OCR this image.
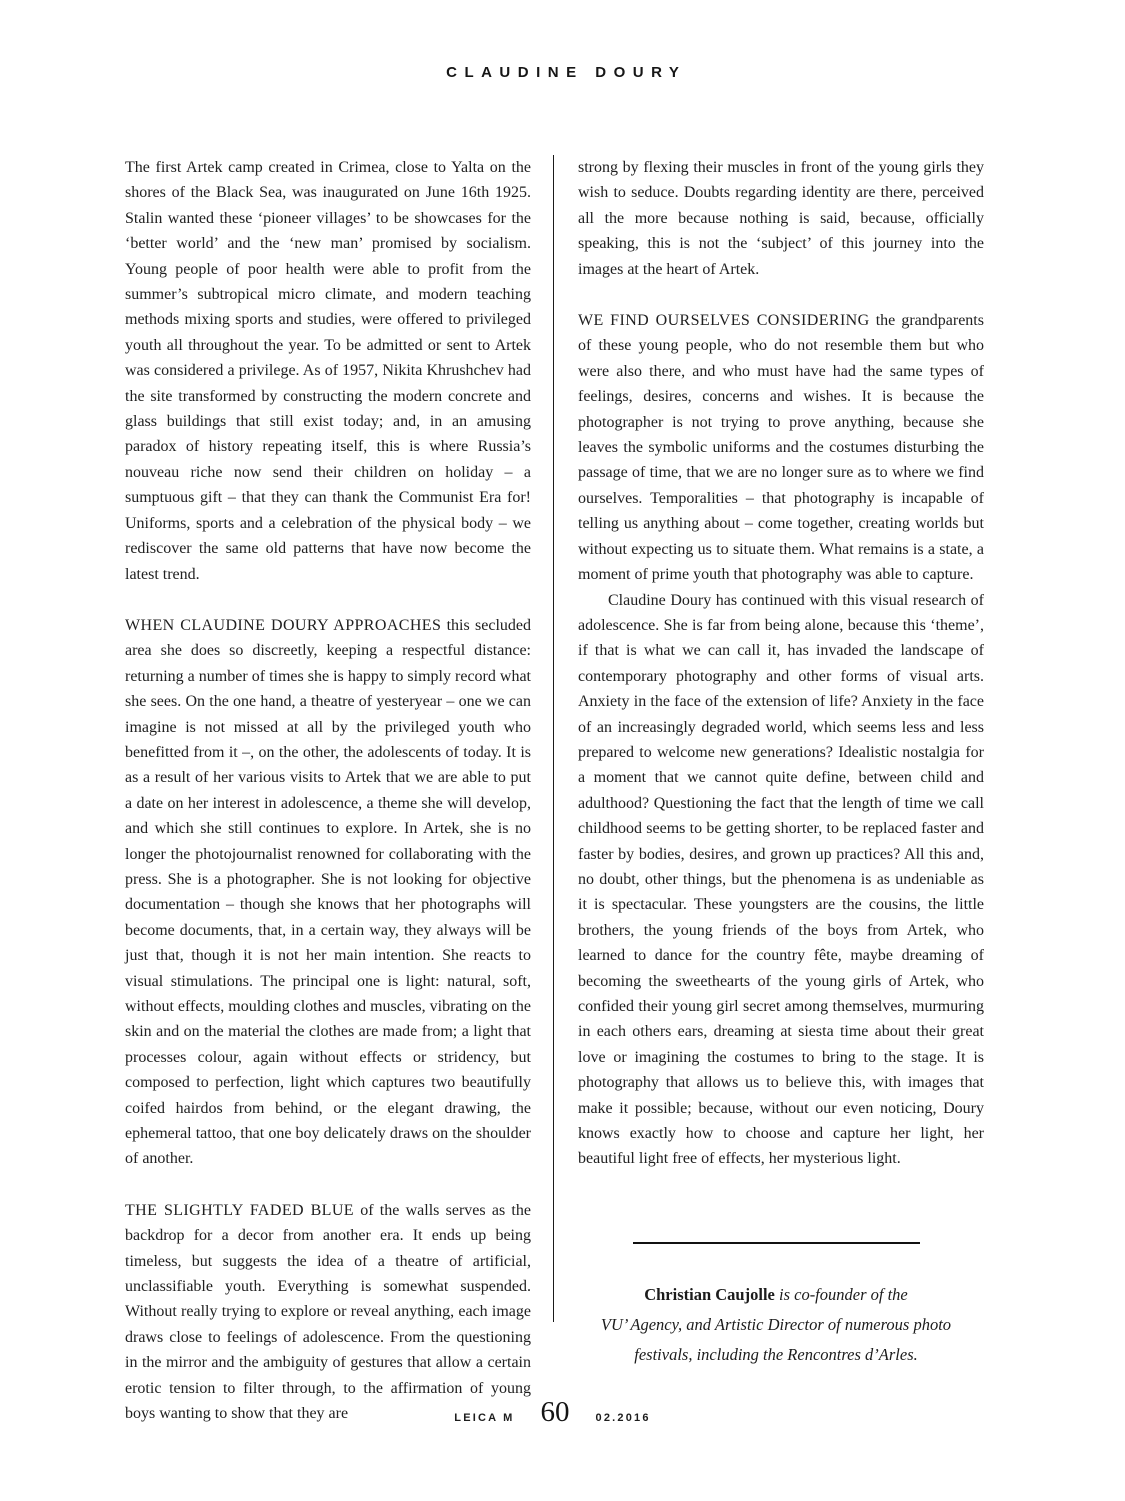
CLAUDINE DOURY

The first Artek camp created in Crimea, close to Yalta on the shores of the Black Sea, was inaugurated on June 16th 1925. Stalin wanted these ‘pioneer villages’ to be showcases for the ‘better world’ and the ‘new man’ promised by socialism. Young people of poor health were able to profit from the summer’s subtropical micro climate, and modern teaching methods mixing sports and studies, were offered to privileged youth all throughout the year. To be admitted or sent to Artek was considered a privilege. As of 1957, Nikita Khrushchev had the site transformed by constructing the modern concrete and glass buildings that still exist today; and, in an amusing paradox of history repeating itself, this is where Russia’s nouveau riche now send their children on holiday – a sumptuous gift – that they can thank the Communist Era for! Uniforms, sports and a celebration of the physical body – we rediscover the same old patterns that have now become the latest trend.

WHEN CLAUDINE DOURY APPROACHES this secluded area she does so discreetly, keeping a respectful distance: returning a number of times she is happy to simply record what she sees. On the one hand, a theatre of yesteryear – one we can imagine is not missed at all by the privileged youth who benefitted from it –, on the other, the adolescents of today. It is as a result of her various visits to Artek that we are able to put a date on her interest in adolescence, a theme she will develop, and which she still continues to explore. In Artek, she is no longer the photojournalist renowned for collaborating with the press. She is a photographer. She is not looking for objective documentation – though she knows that her photographs will become documents, that, in a certain way, they always will be just that, though it is not her main intention. She reacts to visual stimulations. The principal one is light: natural, soft, without effects, moulding clothes and muscles, vibrating on the skin and on the material the clothes are made from; a light that processes colour, again without effects or stridency, but composed to perfection, light which captures two beautifully coifed hairdos from behind, or the elegant drawing, the ephemeral tattoo, that one boy delicately draws on the shoulder of another.

THE SLIGHTLY FADED BLUE of the walls serves as the backdrop for a decor from another era. It ends up being timeless, but suggests the idea of a theatre of artificial, unclassifiable youth. Everything is somewhat suspended. Without really trying to explore or reveal anything, each image draws close to feelings of adolescence. From the questioning in the mirror and the ambiguity of gestures that allow a certain erotic tension to filter through, to the affirmation of young boys wanting to show that they are

strong by flexing their muscles in front of the young girls they wish to seduce. Doubts regarding identity are there, perceived all the more because nothing is said, because, officially speaking, this is not the ‘subject’ of this journey into the images at the heart of Artek.

WE FIND OURSELVES CONSIDERING the grandparents of these young people, who do not resemble them but who were also there, and who must have had the same types of feelings, desires, concerns and wishes. It is because the photographer is not trying to prove anything, because she leaves the symbolic uniforms and the costumes disturbing the passage of time, that we are no longer sure as to where we find ourselves. Temporalities – that photography is incapable of telling us anything about – come together, creating worlds but without expecting us to situate them. What remains is a state, a moment of prime youth that photography was able to capture.

Claudine Doury has continued with this visual research of adolescence. She is far from being alone, because this ‘theme’, if that is what we can call it, has invaded the landscape of contemporary photography and other forms of visual arts. Anxiety in the face of the extension of life? Anxiety in the face of an increasingly degraded world, which seems less and less prepared to welcome new generations? Idealistic nostalgia for a moment that we cannot quite define, between child and adulthood? Questioning the fact that the length of time we call childhood seems to be getting shorter, to be replaced faster and faster by bodies, desires, and grown up practices? All this and, no doubt, other things, but the phenomena is as undeniable as it is spectacular. These youngsters are the cousins, the little brothers, the young friends of the boys from Artek, who learned to dance for the country fête, maybe dreaming of becoming the sweethearts of the young girls of Artek, who confided their young girl secret among themselves, murmuring in each others ears, dreaming at siesta time about their great love or imagining the costumes to bring to the stage. It is photography that allows us to believe this, with images that make it possible; because, without our even noticing, Doury knows exactly how to choose and capture her light, her beautiful light free of effects, her mysterious light.

Christian Caujolle is co-founder of the
VU’ Agency, and Artistic Director of numerous photo
festivals, including the Rencontres d’Arles.
LEICA M 60 02.2016
